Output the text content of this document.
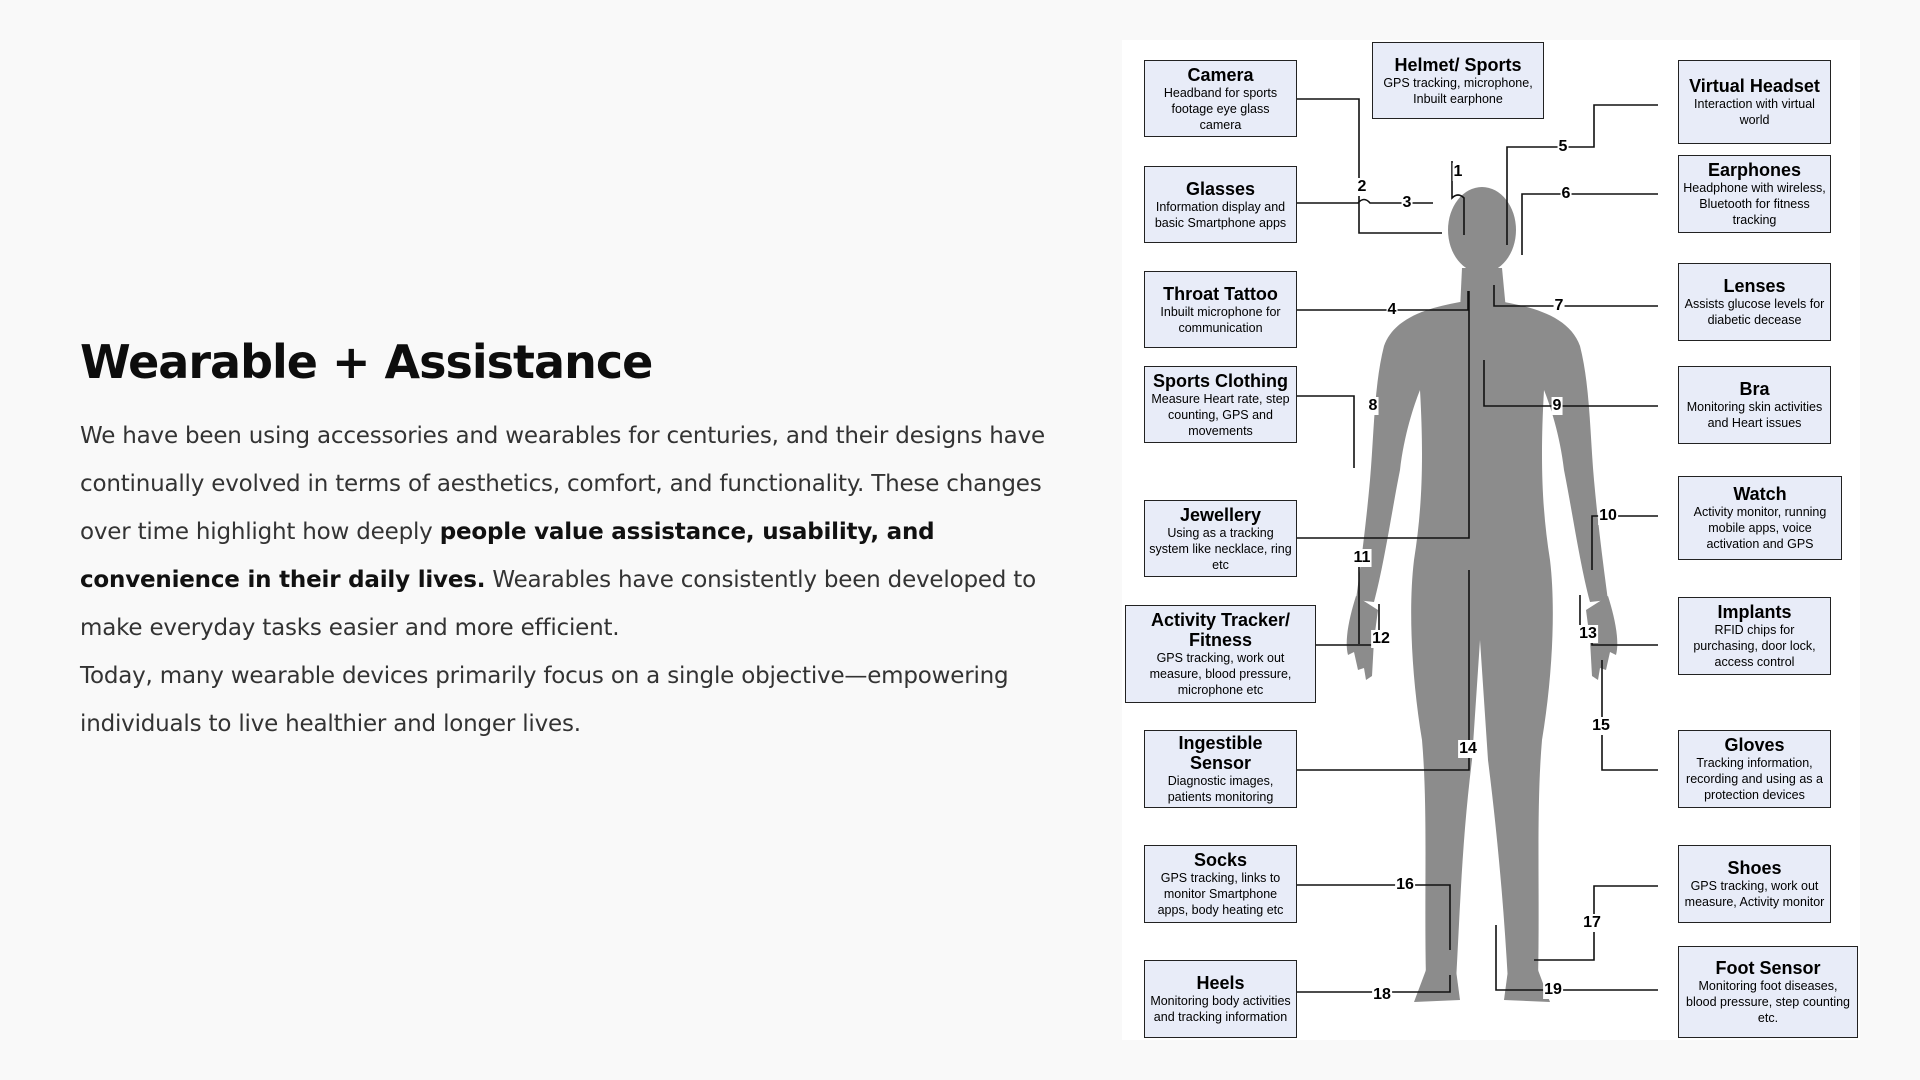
Wearable + Assistance
We have been using accessories and wearables for centuries, and their designs have continually evolved in terms of aesthetics, comfort, and functionality. These changes over time highlight how deeply people value assistance, usability, and convenience in their daily lives. Wearables have consistently been developed to make everyday tasks easier and more efficient.
Today, many wearable devices primarily focus on a single objective—empowering individuals to live healthier and longer lives.
Camera
Headband for sports footage eye glass camera
Helmet/ Sports
GPS tracking, microphone, Inbuilt earphone
Virtual Headset
Interaction with virtual world
Glasses
Information display and basic Smartphone apps
Earphones
Headphone with wireless, Bluetooth for fitness tracking
Throat Tattoo
Inbuilt microphone for communication
Lenses
Assists glucose levels for diabetic decease
Sports Clothing
Measure Heart rate, step counting, GPS and movements
Bra
Monitoring skin activities and Heart issues
Jewellery
Using as a tracking system like necklace, ring etc
Watch
Activity monitor, running mobile apps, voice activation and GPS
Activity Tracker/ Fitness
GPS tracking, work out measure, blood pressure, microphone etc
Implants
RFID chips for purchasing, door lock, access control
Ingestible Sensor
Diagnostic images, patients monitoring
Gloves
Tracking information, recording and using as a protection devices
Socks
GPS tracking, links to monitor Smartphone apps, body heating etc
Shoes
GPS tracking, work out measure, Activity monitor
Heels
Monitoring body activities and tracking information
Foot Sensor
Monitoring foot diseases, blood pressure, step counting etc.
1
2
3
4
5
6
7
8	9
10
11
12	13
14
15
16
17
18	19
